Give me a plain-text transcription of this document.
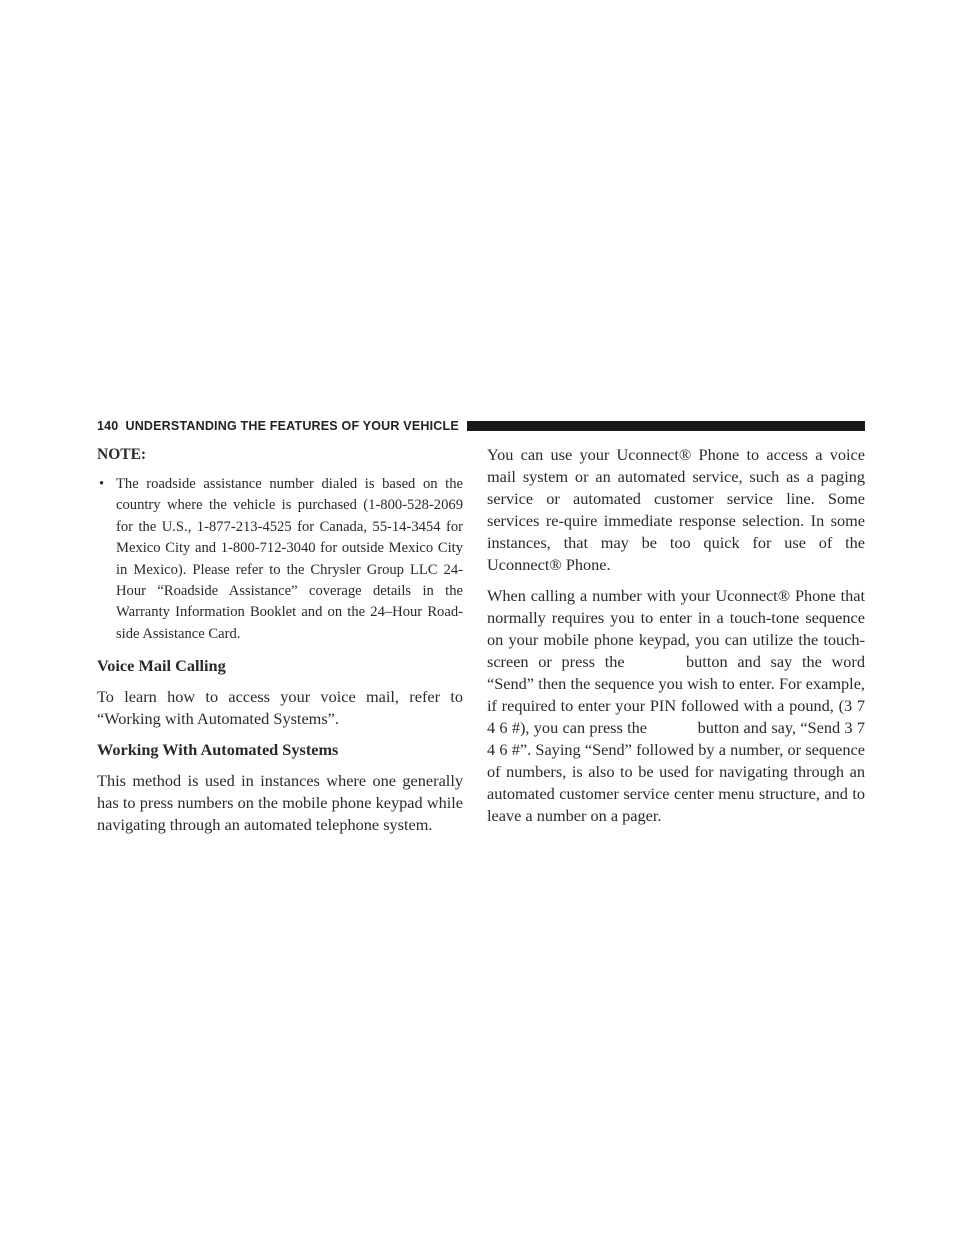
140 UNDERSTANDING THE FEATURES OF YOUR VEHICLE
NOTE:
• The roadside assistance number dialed is based on the country where the vehicle is purchased (1-800-528-2069 for the U.S., 1-877-213-4525 for Canada, 55-14-3454 for Mexico City and 1-800-712-3040 for outside Mexico City in Mexico). Please refer to the Chrysler Group LLC 24-Hour “Roadside Assistance” coverage details in the Warranty Information Booklet and on the 24–Hour Road-side Assistance Card.
Voice Mail Calling

To learn how to access your voice mail, refer to “Working with Automated Systems”.

Working With Automated Systems

This method is used in instances where one generally has to press numbers on the mobile phone keypad while navigating through an automated telephone system.

You can use your Uconnect® Phone to access a voice mail system or an automated service, such as a paging service or automated customer service line. Some services re-quire immediate response selection. In some instances, that may be too quick for use of the Uconnect® Phone.

When calling a number with your Uconnect® Phone that normally requires you to enter in a touch-tone sequence on your mobile phone keypad, you can utilize the touch-screen or press the	button and say the word “Send” then the sequence you wish to enter. For example, if required to enter your PIN followed with a pound, (3 7 4 6 #), you can press the	button and say, “Send 3 7 4 6 #”. Saying “Send” followed by a number, or sequence of numbers, is also to be used for navigating through an automated customer service center menu structure, and to leave a number on a pager.
